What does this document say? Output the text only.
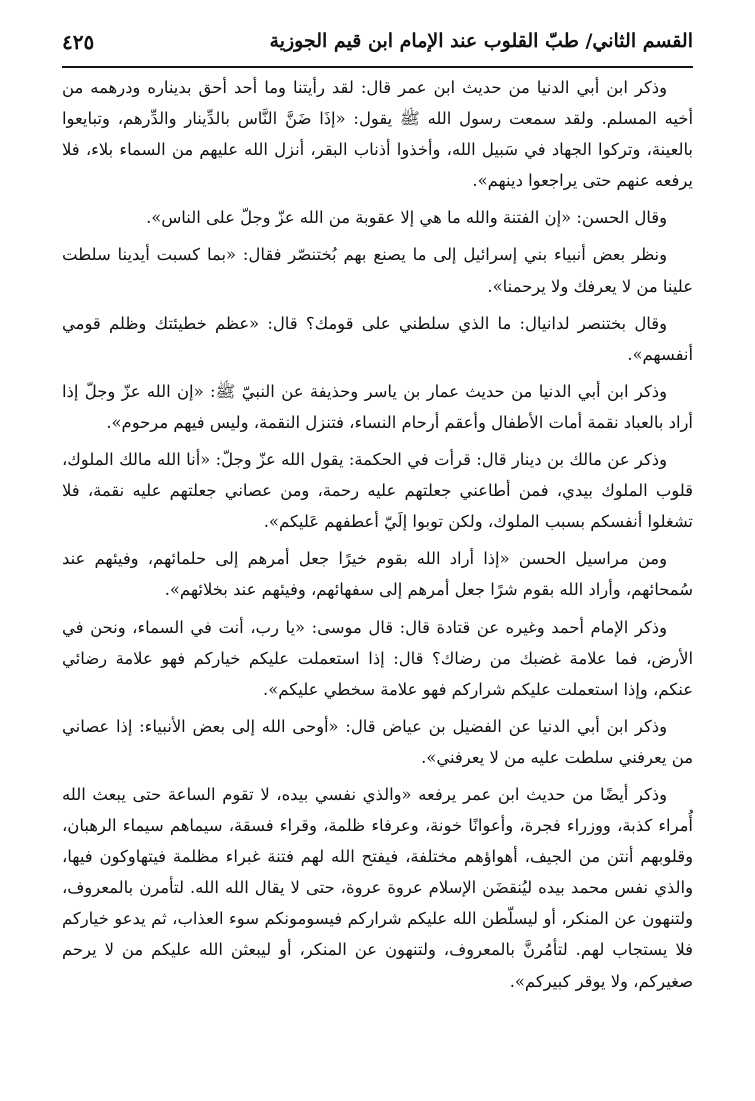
القسم الثاني/ طبّ القلوب عند الإمام ابن قيم الجوزية
٤٢٥

وذكر ابن أبي الدنيا من حديث ابن عمر قال: لقد رأيتنا وما أحد أحق بديناره ودرهمه من أخيه المسلم. ولقد سمعت رسول الله ﷺ يقول: «إذَا ضَنَّ النَّاس بالدِّينار والدِّرهم، وتبايعوا بالعينة، وتركوا الجهاد في سَبيل الله، وأخذوا أذناب البقر، أنزل الله عليهم من السماء بلاء، فلا يرفعه عنهم حتى يراجعوا دينهم».

وقال الحسن: «إن الفتنة والله ما هي إلا عقوبة من الله عزّ وجلّ على الناس».

ونظر بعض أنبياء بني إسرائيل إلى ما يصنع بهم بُختنصّر فقال: «بما كسبت أيدينا سلطت علينا من لا يعرفك ولا يرحمنا».

وقال بختنصر لدانيال: ما الذي سلطني على قومك؟ قال: «عظم خطيئتك وظلم قومي أنفسهم».

وذكر ابن أبي الدنيا من حديث عمار بن ياسر وحذيفة عن النبيّ ﷺ: «إن الله عزّ وجلّ إذا أراد بالعباد نقمة أمات الأطفال وأعقم أرحام النساء، فتنزل النقمة، وليس فيهم مرحوم».

وذكر عن مالك بن دينار قال: قرأت في الحكمة: يقول الله عزّ وجلّ: «أنا الله مالك الملوك، قلوب الملوك بيدي، فمن أطاعني جعلتهم عليه رحمة، ومن عصاني جعلتهم عليه نقمة، فلا تشغلوا أنفسكم بسبب الملوك، ولكن توبوا إلَيّ أعطفهم عَليكم».

ومن مراسيل الحسن «إذا أراد الله بقوم خيرًا جعل أمرهم إلى حلمائهم، وفيئهم عند سُمحائهم، وأراد الله بقوم شرًا جعل أمرهم إلى سفهائهم، وفيئهم عند بخلائهم».

وذكر الإمام أحمد وغيره عن قتادة قال: قال موسى: «يا رب، أنت في السماء، ونحن في الأرض، فما علامة غضبك من رضاك؟ قال: إذا استعملت عليكم خياركم فهو علامة رضائي عنكم، وإذا استعملت عليكم شراركم فهو علامة سخطي عليكم».

وذكر ابن أبي الدنيا عن الفضيل بن عياض قال: «أوحى الله إلى بعض الأنبياء: إذا عصاني من يعرفني سلطت عليه من لا يعرفني».

وذكر أيضًا من حديث ابن عمر يرفعه «والذي نفسي بيده، لا تقوم الساعة حتى يبعث الله أُمراء كذبة، ووزراء فجرة، وأعوانًا خونة، وعرفاء ظلمة، وقراء فسقة، سيماهم سيماء الرهبان، وقلوبهم أنتن من الجيف، أهواؤهم مختلفة، فيفتح الله لهم فتنة غبراء مظلمة فيتهاوكون فيها، والذي نفس محمد بيده ليُنقضَن الإسلام عروة عروة، حتى لا يقال الله الله. لتأمرن بالمعروف، ولتنهون عن المنكر، أو ليسلّطن الله عليكم شراركم فيسومونكم سوء العذاب، ثم يدعو خياركم فلا يستجاب لهم. لتأمُرنَّ بالمعروف، ولتنهون عن المنكر، أو ليبعثن الله عليكم من لا يرحم صغيركم، ولا يوقر كبيركم».
